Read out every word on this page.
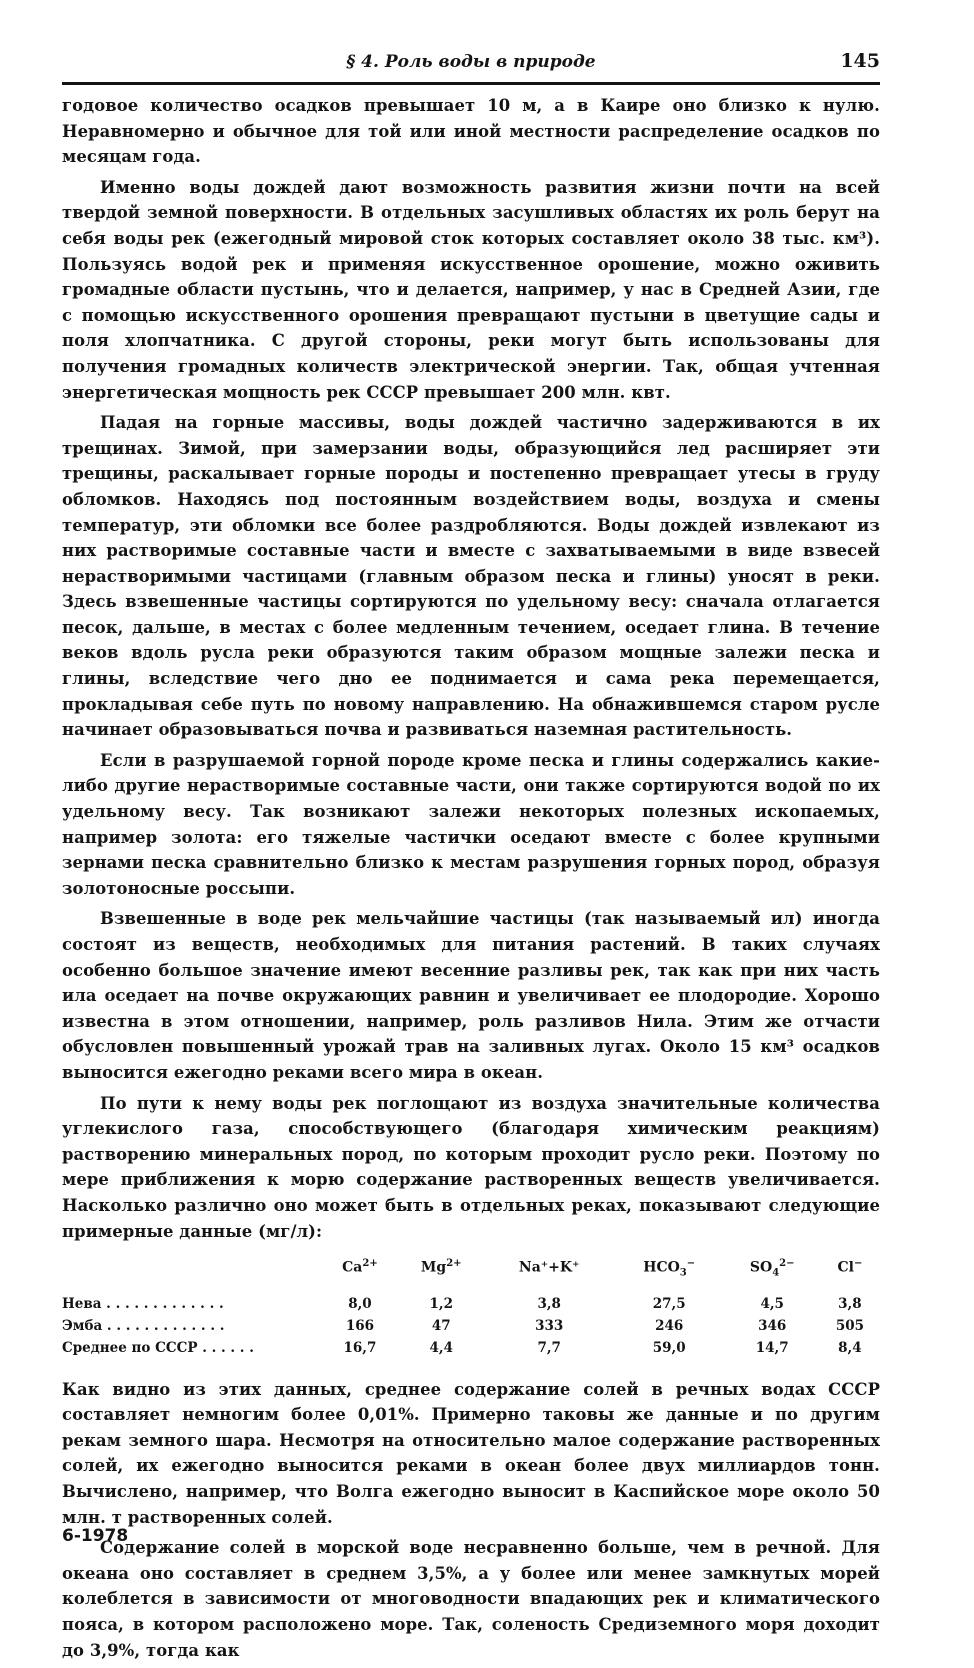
§ 4. Роль воды в природе	145

годовое количество осадков превышает 10 м, а в Каире оно близко к нулю. Неравномерно и обычное для той или иной местности распределение осадков по месяцам года.

Именно воды дождей дают возможность развития жизни почти на всей твердой земной поверхности. В отдельных засушливых областях их роль берут на себя воды рек (ежегодный мировой сток которых составляет около 38 тыс. км³). Пользуясь водой рек и применяя искусственное орошение, можно оживить громадные области пустынь, что и делается, например, у нас в Средней Азии, где с помощью искусственного орошения превращают пустыни в цветущие сады и поля хлопчатника. С другой стороны, реки могут быть использованы для получения громадных количеств электрической энергии. Так, общая учтенная энергетическая мощность рек СССР превышает 200 млн. квт.

Падая на горные массивы, воды дождей частично задерживаются в их трещинах. Зимой, при замерзании воды, образующийся лед расширяет эти трещины, раскалывает горные породы и постепенно превращает утесы в груду обломков. Находясь под постоянным воздействием воды, воздуха и смены температур, эти обломки все более раздробляются. Воды дождей извлекают из них растворимые составные части и вместе с захватываемыми в виде взвесей нерастворимыми частицами (главным образом песка и глины) уносят в реки. Здесь взвешенные частицы сортируются по удельному весу: сначала отлагается песок, дальше, в местах с более медленным течением, оседает глина. В течение веков вдоль русла реки образуются таким образом мощные залежи песка и глины, вследствие чего дно ее поднимается и сама река перемещается, прокладывая себе путь по новому направлению. На обнажившемся старом русле начинает образовываться почва и развиваться наземная растительность.

Если в разрушаемой горной породе кроме песка и глины содержались какие-либо другие нерастворимые составные части, они также сортируются водой по их удельному весу. Так возникают залежи некоторых полезных ископаемых, например золота: его тяжелые частички оседают вместе с более крупными зернами песка сравнительно близко к местам разрушения горных пород, образуя золотоносные россыпи.

Взвешенные в воде рек мельчайшие частицы (так называемый ил) иногда состоят из веществ, необходимых для питания растений. В таких случаях особенно большое значение имеют весенние разливы рек, так как при них часть ила оседает на почве окружающих равнин и увеличивает ее плодородие. Хорошо известна в этом отношении, например, роль разливов Нила. Этим же отчасти обусловлен повышенный урожай трав на заливных лугах. Около 15 км³ осадков выносится ежегодно реками всего мира в океан.

По пути к нему воды рек поглощают из воздуха значительные количества углекислого газа, способствующего (благодаря химическим реакциям) растворению минеральных пород, по которым проходит русло реки. Поэтому по мере приближения к морю содержание растворенных веществ увеличивается. Насколько различно оно может быть в отдельных реках, показывают следующие примерные данные (мг/л):

	$Ca^{2+}$	$Mg^{2+}$	Na⁺+K⁺	$HCO_3^-$	$SO_4^{2-}$	Cl−
Нева . . . . . . . . . . . . .	8,0	1,2	3,8	27,5	4,5	3,8
Эмба . . . . . . . . . . . . .	166	47	333	246	346	505
Среднее по СССР . . . . . .	16,7	4,4	7,7	59,0	14,7	8,4

Как видно из этих данных, среднее содержание солей в речных водах СССР составляет немногим более 0,01%. Примерно таковы же данные и по другим рекам земного шара. Несмотря на относительно малое содержание растворенных солей, их ежегодно выносится реками в океан более двух миллиардов тонн. Вычислено, например, что Волга ежегодно выносит в Каспийское море около 50 млн. т растворенных солей.

Содержание солей в морской воде несравненно больше, чем в речной. Для океана оно составляет в среднем 3,5%, а у более или менее замкнутых морей колеблется в зависимости от многоводности впадающих рек и климатического пояса, в котором расположено море. Так, соленость Средиземного моря доходит до 3,9%, тогда как

6-1978
